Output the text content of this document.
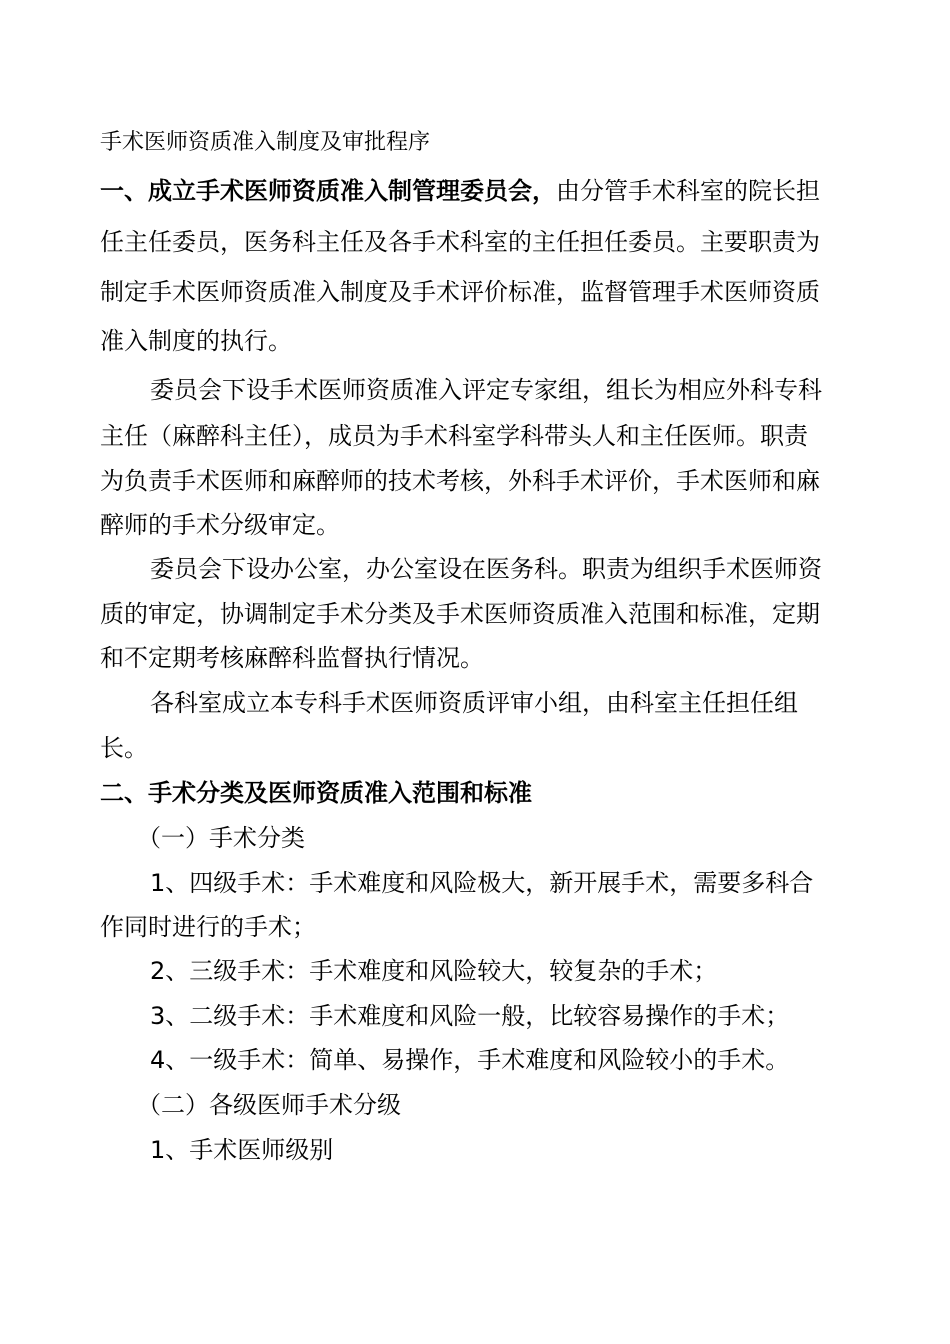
手术医师资质准入制度及审批程序
一、成立手术医师资质准入制管理委员会，由分管手术科室的院长担
任主任委员，医务科主任及各手术科室的主任担任委员。主要职责为
制定手术医师资质准入制度及手术评价标准，监督管理手术医师资质
准入制度的执行。
委员会下设手术医师资质准入评定专家组，组长为相应外科专科
主任（麻醉科主任），成员为手术科室学科带头人和主任医师。职责
为负责手术医师和麻醉师的技术考核，外科手术评价，手术医师和麻
醉师的手术分级审定。
委员会下设办公室，办公室设在医务科。职责为组织手术医师资
质的审定，协调制定手术分类及手术医师资质准入范围和标准，定期
和不定期考核麻醉科监督执行情况。
各科室成立本专科手术医师资质评审小组，由科室主任担任组
长。
二、手术分类及医师资质准入范围和标准
（一）手术分类
1、四级手术：手术难度和风险极大，新开展手术，需要多科合
作同时进行的手术；
2、三级手术：手术难度和风险较大，较复杂的手术；
3、二级手术：手术难度和风险一般，比较容易操作的手术；
4、一级手术：简单、易操作，手术难度和风险较小的手术。
（二）各级医师手术分级
1、手术医师级别
